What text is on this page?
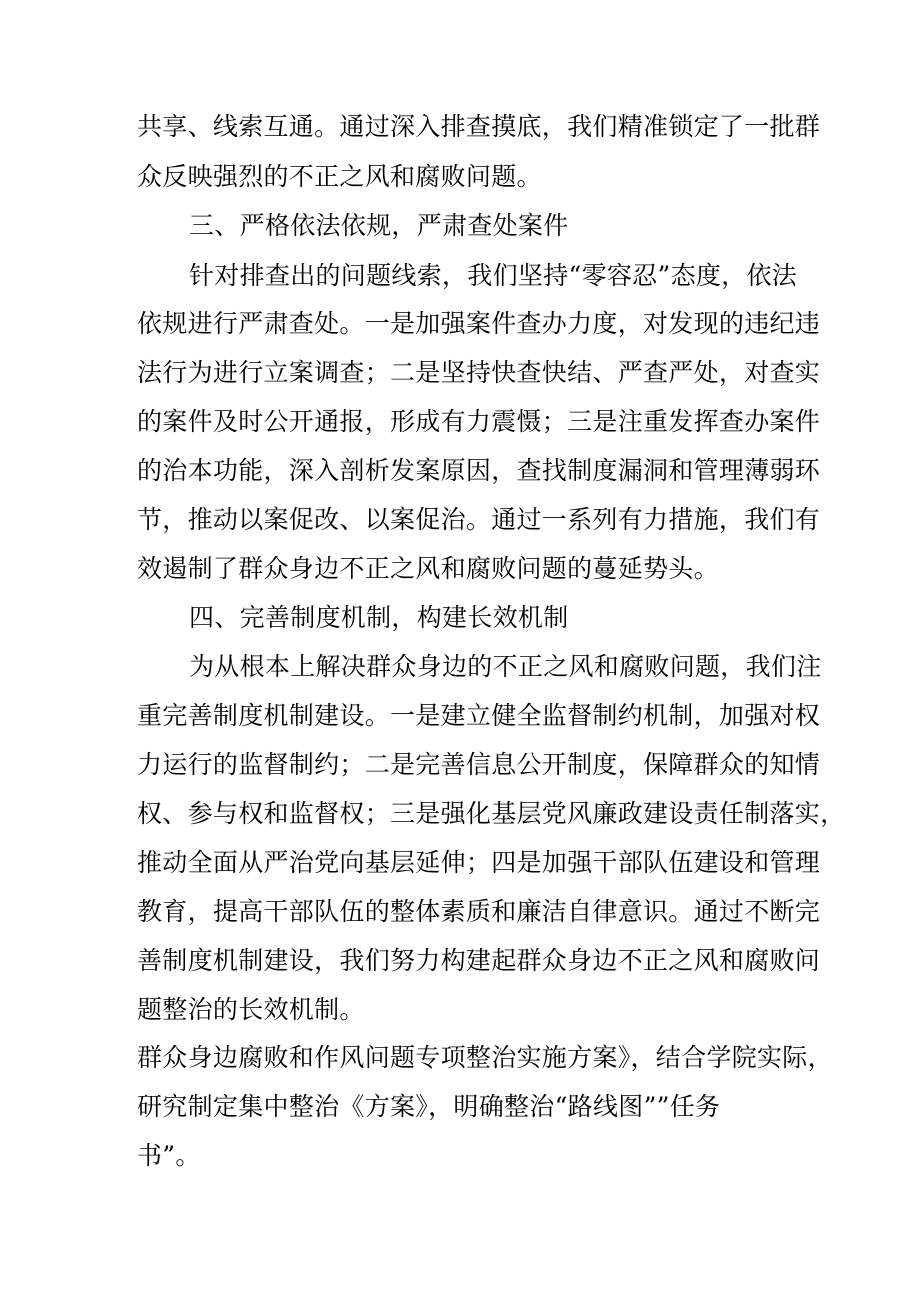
共享、线索互通。通过深入排查摸底，我们精准锁定了一批群
众反映强烈的不正之风和腐败问题。
三、严格依法依规，严肃查处案件
针对排查出的问题线索，我们坚持“零容忍”态度，依法
依规进行严肃查处。一是加强案件查办力度，对发现的违纪违
法行为进行立案调查；二是坚持快查快结、严查严处，对查实
的案件及时公开通报，形成有力震慑；三是注重发挥查办案件
的治本功能，深入剖析发案原因，查找制度漏洞和管理薄弱环
节，推动以案促改、以案促治。通过一系列有力措施，我们有
效遏制了群众身边不正之风和腐败问题的蔓延势头。
四、完善制度机制，构建长效机制
为从根本上解决群众身边的不正之风和腐败问题，我们注
重完善制度机制建设。一是建立健全监督制约机制，加强对权
力运行的监督制约；二是完善信息公开制度，保障群众的知情
权、参与权和监督权；三是强化基层党风廉政建设责任制落实，
推动全面从严治党向基层延伸；四是加强干部队伍建设和管理
教育，提高干部队伍的整体素质和廉洁自律意识。通过不断完
善制度机制建设，我们努力构建起群众身边不正之风和腐败问
题整治的长效机制。
群众身边腐败和作风问题专项整治实施方案》，结合学院实际，
研究制定集中整治《方案》，明确整治“路线图””任务
书”。
